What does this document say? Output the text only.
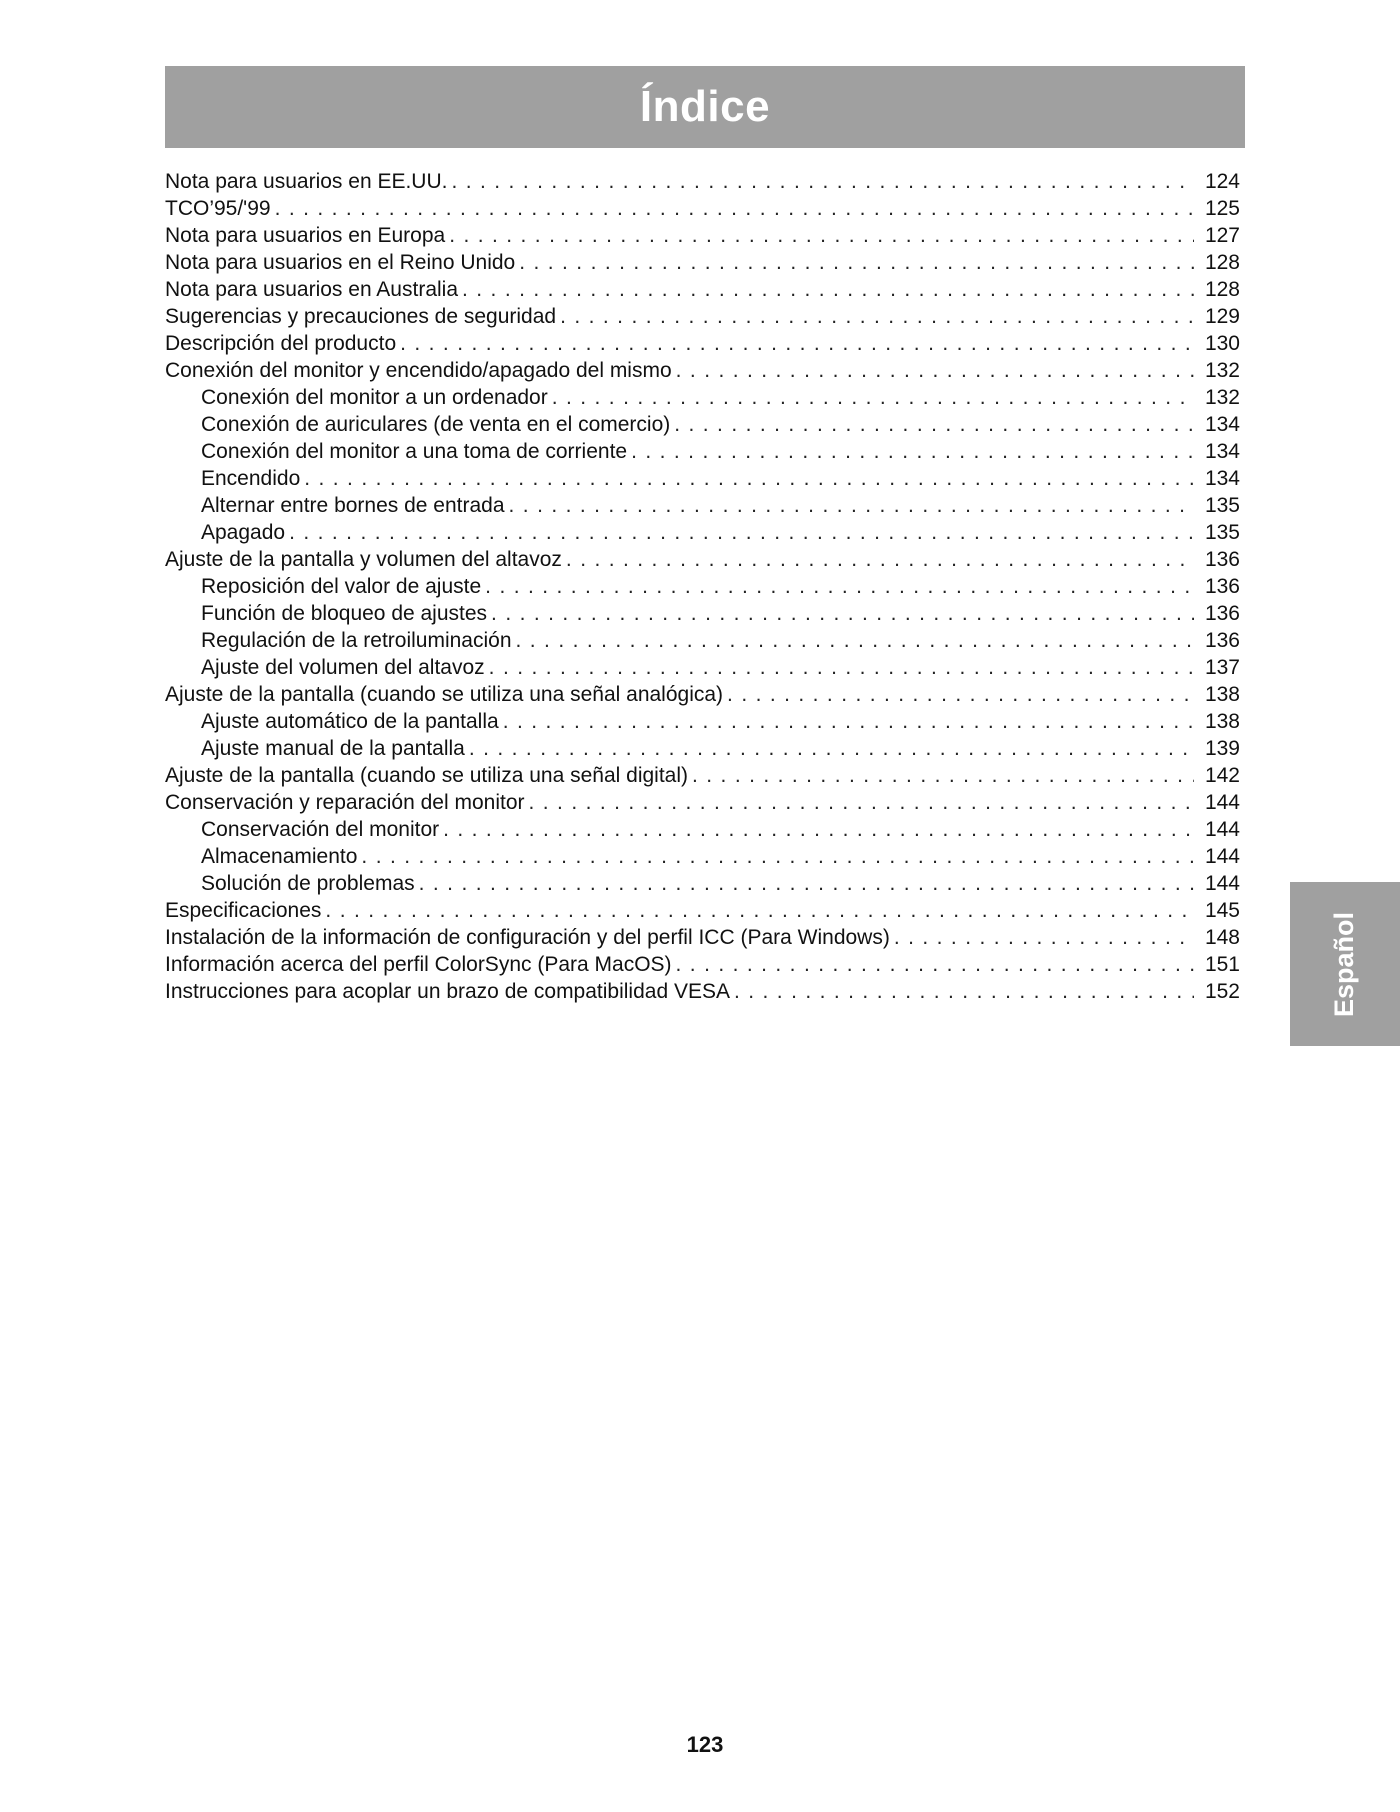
Índice
Nota para usuarios en EE.UU. . . .	124
TCO’95/'99 . . .	125
Nota para usuarios en Europa . . .	127
Nota para usuarios en el Reino Unido . . .	128
Nota para usuarios en Australia . . .	128
Sugerencias y precauciones de seguridad . . .	129
Descripción del producto . . .	130
Conexión del monitor y encendido/apagado del mismo . . .	132
Conexión del monitor a un ordenador . . .	132
Conexión de auriculares (de venta en el comercio) . . .	134
Conexión del monitor a una toma de corriente . . .	134
Encendido . . .	134
Alternar entre bornes de entrada . . .	135
Apagado . . .	135
Ajuste de la pantalla y volumen del altavoz . . .	136
Reposición del valor de ajuste . . .	136
Función de bloqueo de ajustes . . .	136
Regulación de la retroiluminación . . .	136
Ajuste del volumen del altavoz . . .	137
Ajuste de la pantalla (cuando se utiliza una señal analógica) . . .	138
Ajuste automático de la pantalla . . .	138
Ajuste manual de la pantalla . . .	139
Ajuste de la pantalla (cuando se utiliza una señal digital) . . .	142
Conservación y reparación del monitor . . .	144
Conservación del monitor . . .	144
Almacenamiento . . .	144
Solución de problemas . . .	144
Especificaciones . . .	145
Instalación de la información de configuración y del perfil ICC (Para Windows) . . .	148
Información acerca del perfil ColorSync (Para MacOS) . . .	151
Instrucciones para acoplar un brazo de compatibilidad VESA . . .	152	Español
123
